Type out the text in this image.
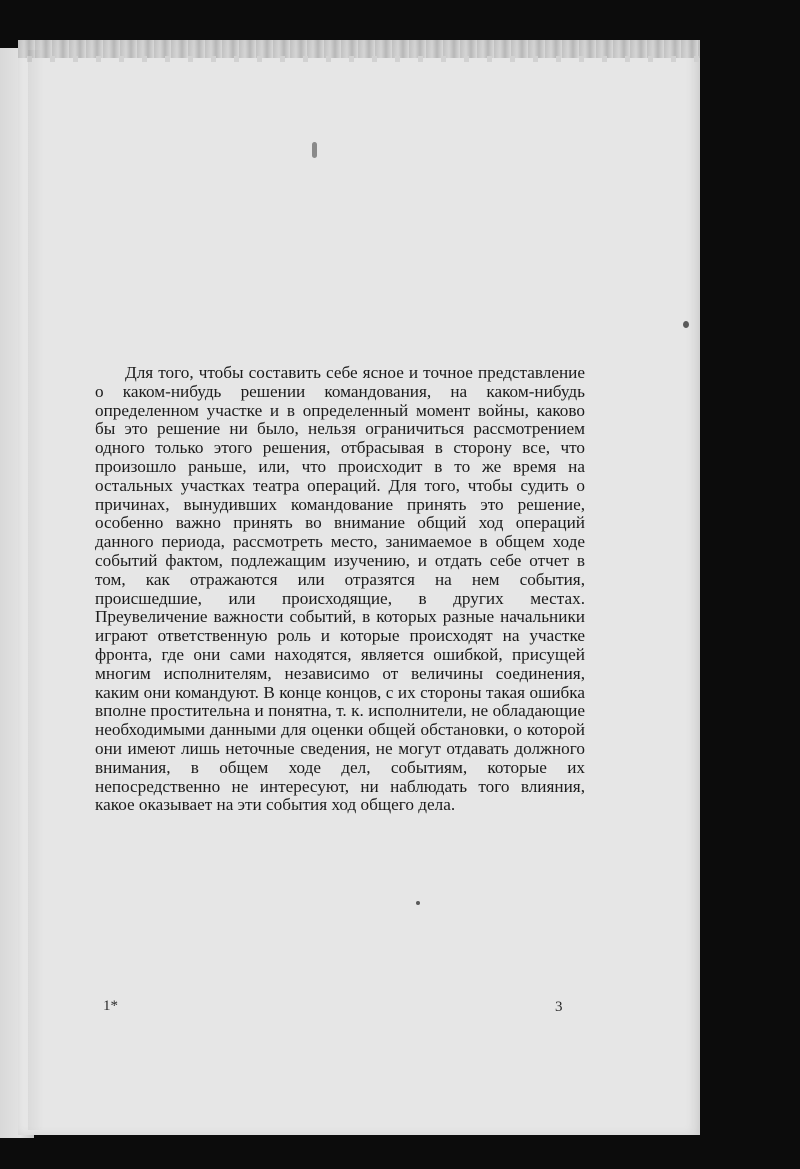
Для того, чтобы составить себе ясное и точное представление о каком-нибудь решении командования, на каком-нибудь определенном участке и в определенный момент войны, каково бы это решение ни было, нельзя ограничиться рассмотрением одного только этого решения, отбрасывая в сторону все, что произошло раньше, или, что происходит в то же время на остальных участках театра операций. Для того, чтобы судить о причинах, вынудивших командование принять это решение, особенно важно принять во внимание общий ход операций данного периода, рассмотреть место, занимаемое в общем ходе событий фактом, подлежащим изучению, и отдать себе отчет в том, как отражаются или отразятся на нем события, происшедшие, или происходящие, в других местах. Преувеличение важности событий, в которых разные начальники играют ответственную роль и которые происходят на участке фронта, где они сами находятся, является ошибкой, присущей многим исполнителям, независимо от величины соединения, каким они командуют. В конце концов, с их стороны такая ошибка вполне простительна и понятна, т. к. исполнители, не обладающие необходимыми данными для оценки общей обстановки, о которой они имеют лишь неточные сведения, не могут отдавать должного внимания, в общем ходе дел, событиям, которые их непосредственно не интересуют, ни наблюдать того влияния, какое оказывает на эти события ход общего дела.

1*	3
